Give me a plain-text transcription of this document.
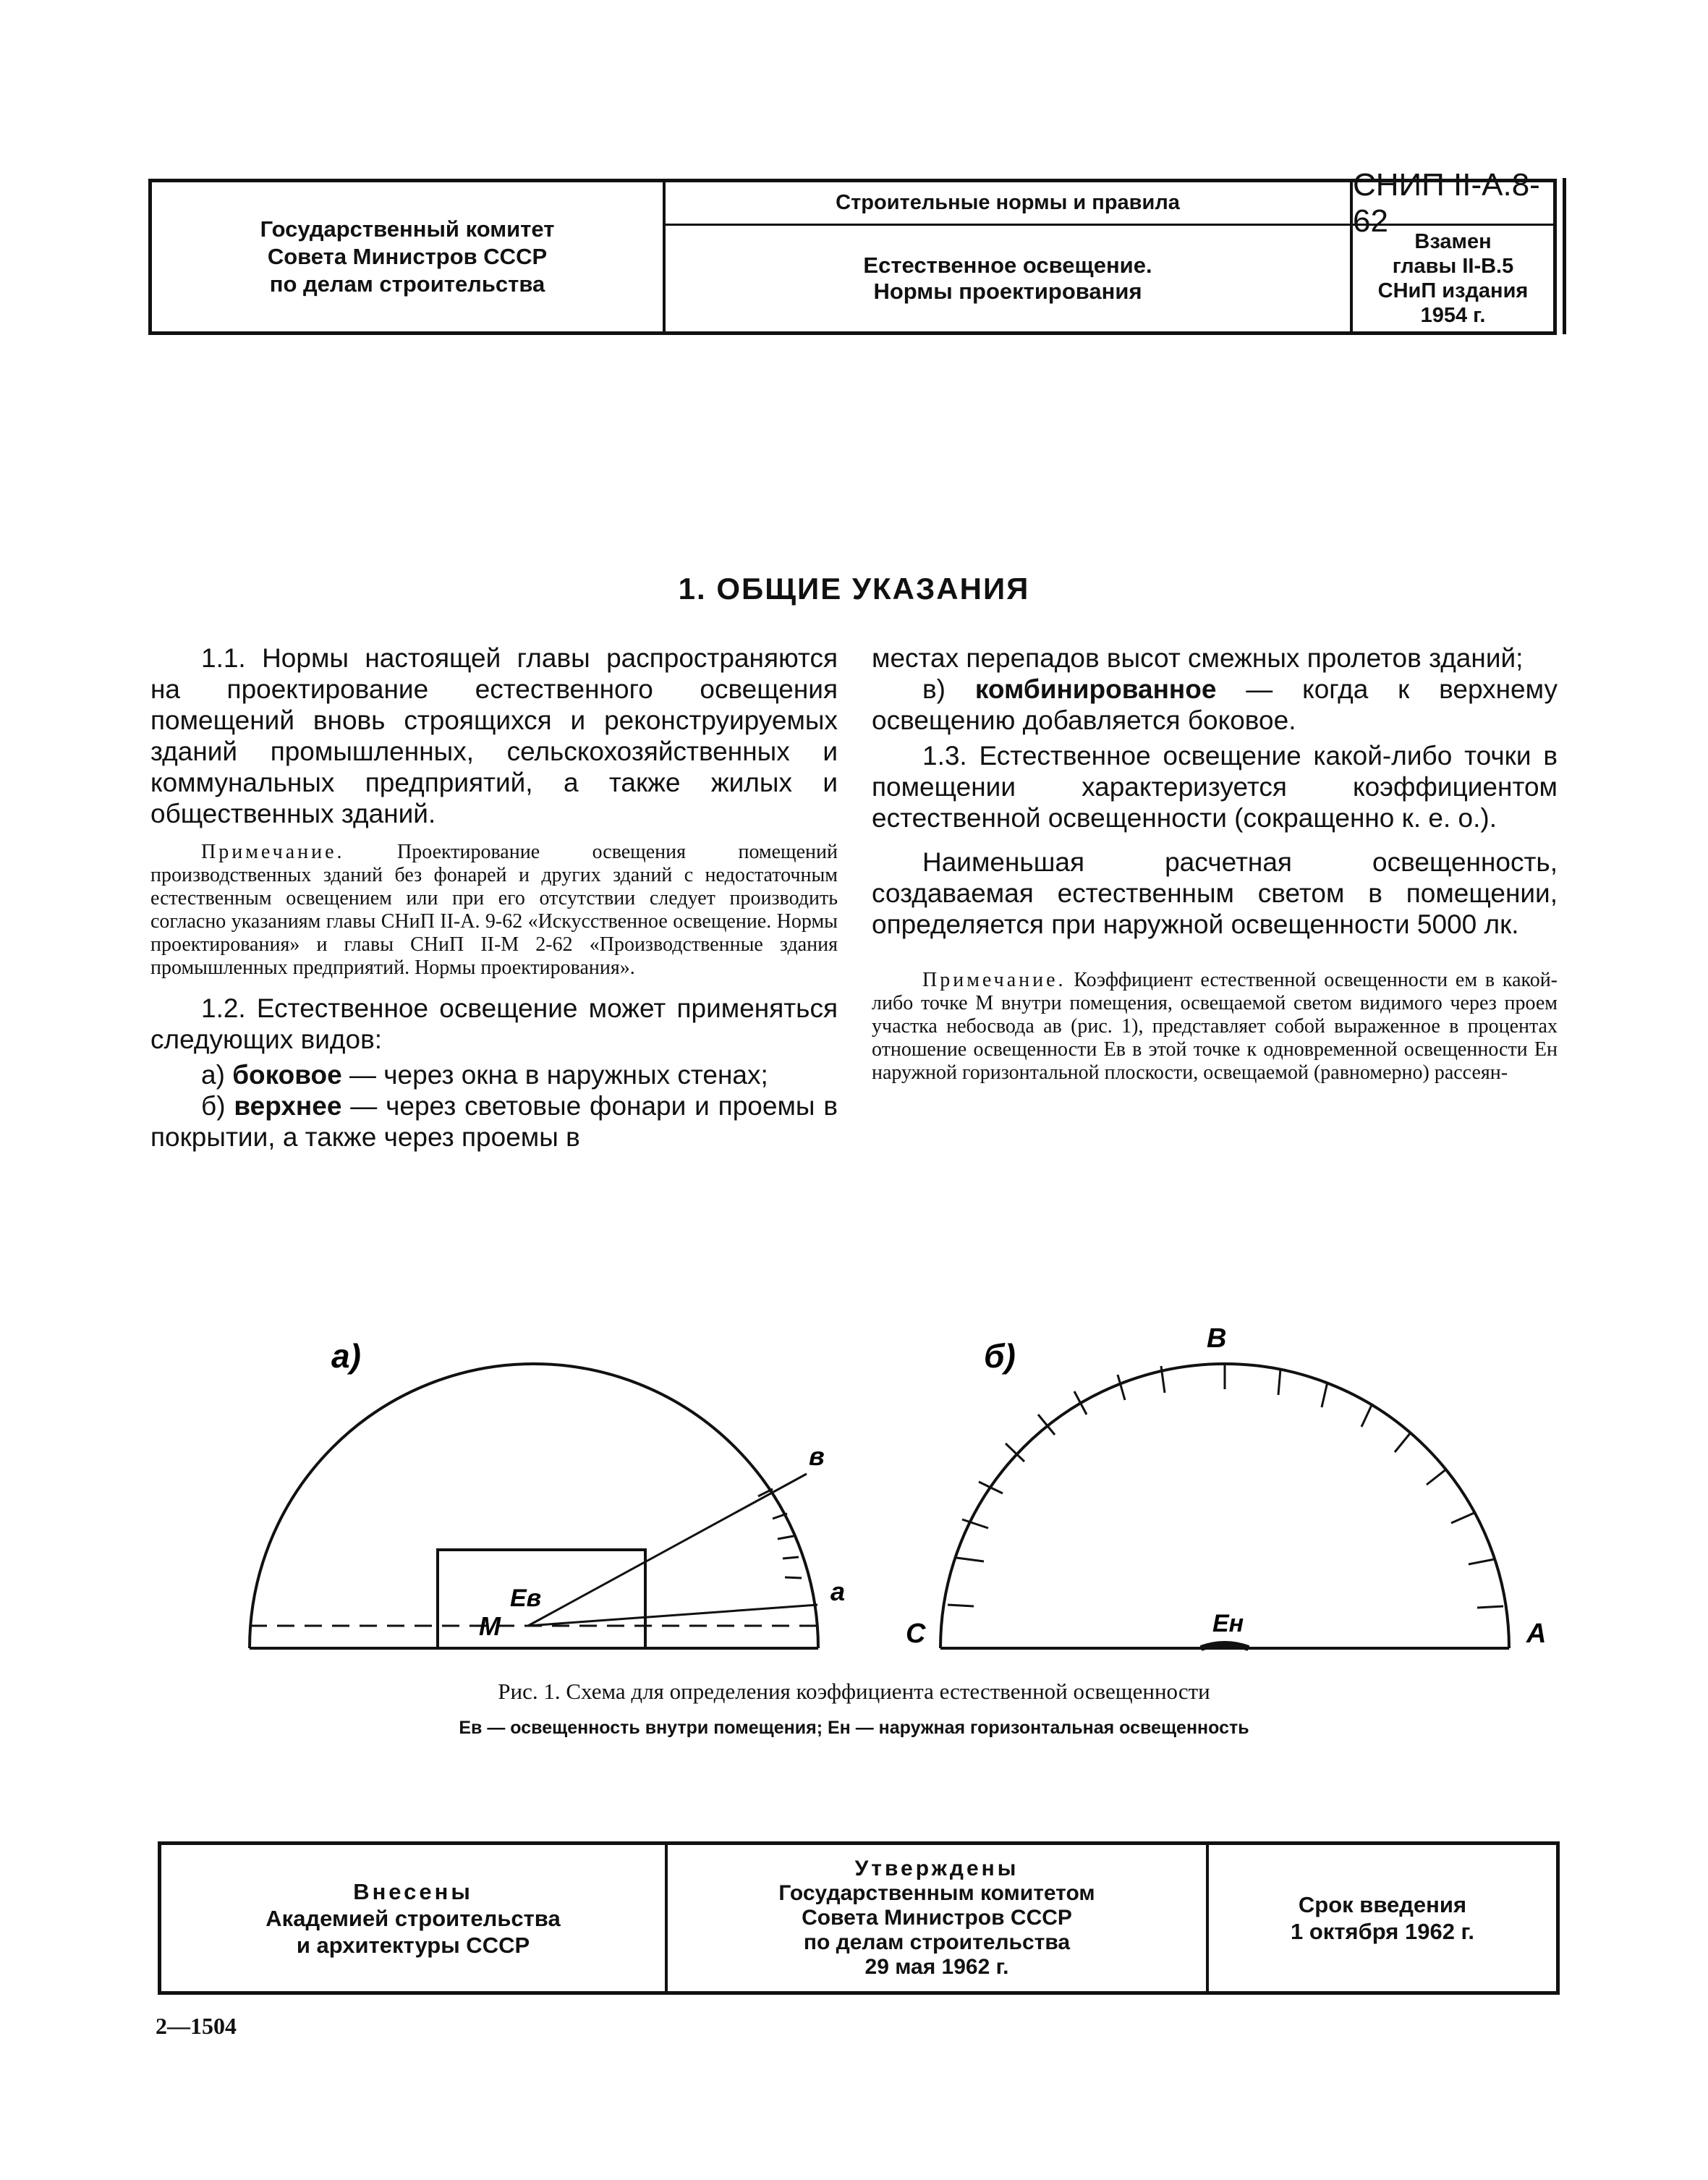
Государственный комитет
Совета Министров СССР
по делам строительства
Строительные нормы и правила
Естественное освещение.
Нормы проектирования
СНИП II-А.8-62
Взамен
главы II-В.5
СНиП издания 1954 г.
1. ОБЩИЕ УКАЗАНИЯ

1.1. Нормы настоящей главы распространяются на проектирование естественного освещения помещений вновь строящихся и реконструируемых зданий промышленных, сельскохозяйственных и коммунальных предприятий, а также жилых и общественных зданий.

Примечание. Проектирование освещения помещений производственных зданий без фонарей и других зданий с недостаточным естественным освещением или при его отсутствии следует производить согласно указаниям главы СНиП II-А. 9-62 «Искусственное освещение. Нормы проектирования» и главы СНиП II-М 2-62 «Производственные здания промышленных предприятий. Нормы проектирования».

1.2. Естественное освещение может применяться следующих видов:

а) боковое — через окна в наружных стенах;

б) верхнее — через световые фонари и проемы в покрытии, а также через проемы в

местах перепадов высот смежных пролетов зданий;

в) комбинированное — когда к верхнему освещению добавляется боковое.

1.3. Естественное освещение какой-либо точки в помещении характеризуется коэффициентом естественной освещенности (сокращенно к. е. о.).

Наименьшая расчетная освещенность, создаваемая естественным светом в помещении, определяется при наружной освещенности 5000 лк.

Примечание. Коэффициент естественной освещенности eм в какой-либо точке М внутри помещения, освещаемой светом видимого через проем участка небосвода ав (рис. 1), представляет собой выраженное в процентах отношение освещенности Ев в этой точке к одновременной освещенности Ен наружной горизонтальной плоскости, освещаемой (равномерно) рассеян-

а)	б)
в
а
M
Eв
B
C	A
Eн
Рис. 1. Схема для определения коэффициента естественной освещенности
Ев — освещенность внутри помещения; Ен — наружная горизонтальная освещенность
Внесены
Академией строительства
и архитектуры СССР
Утверждены
Государственным комитетом
Совета Министров СССР
по делам строительства
29 мая 1962 г.
Срок введения
1 октября 1962 г.
2—1504
